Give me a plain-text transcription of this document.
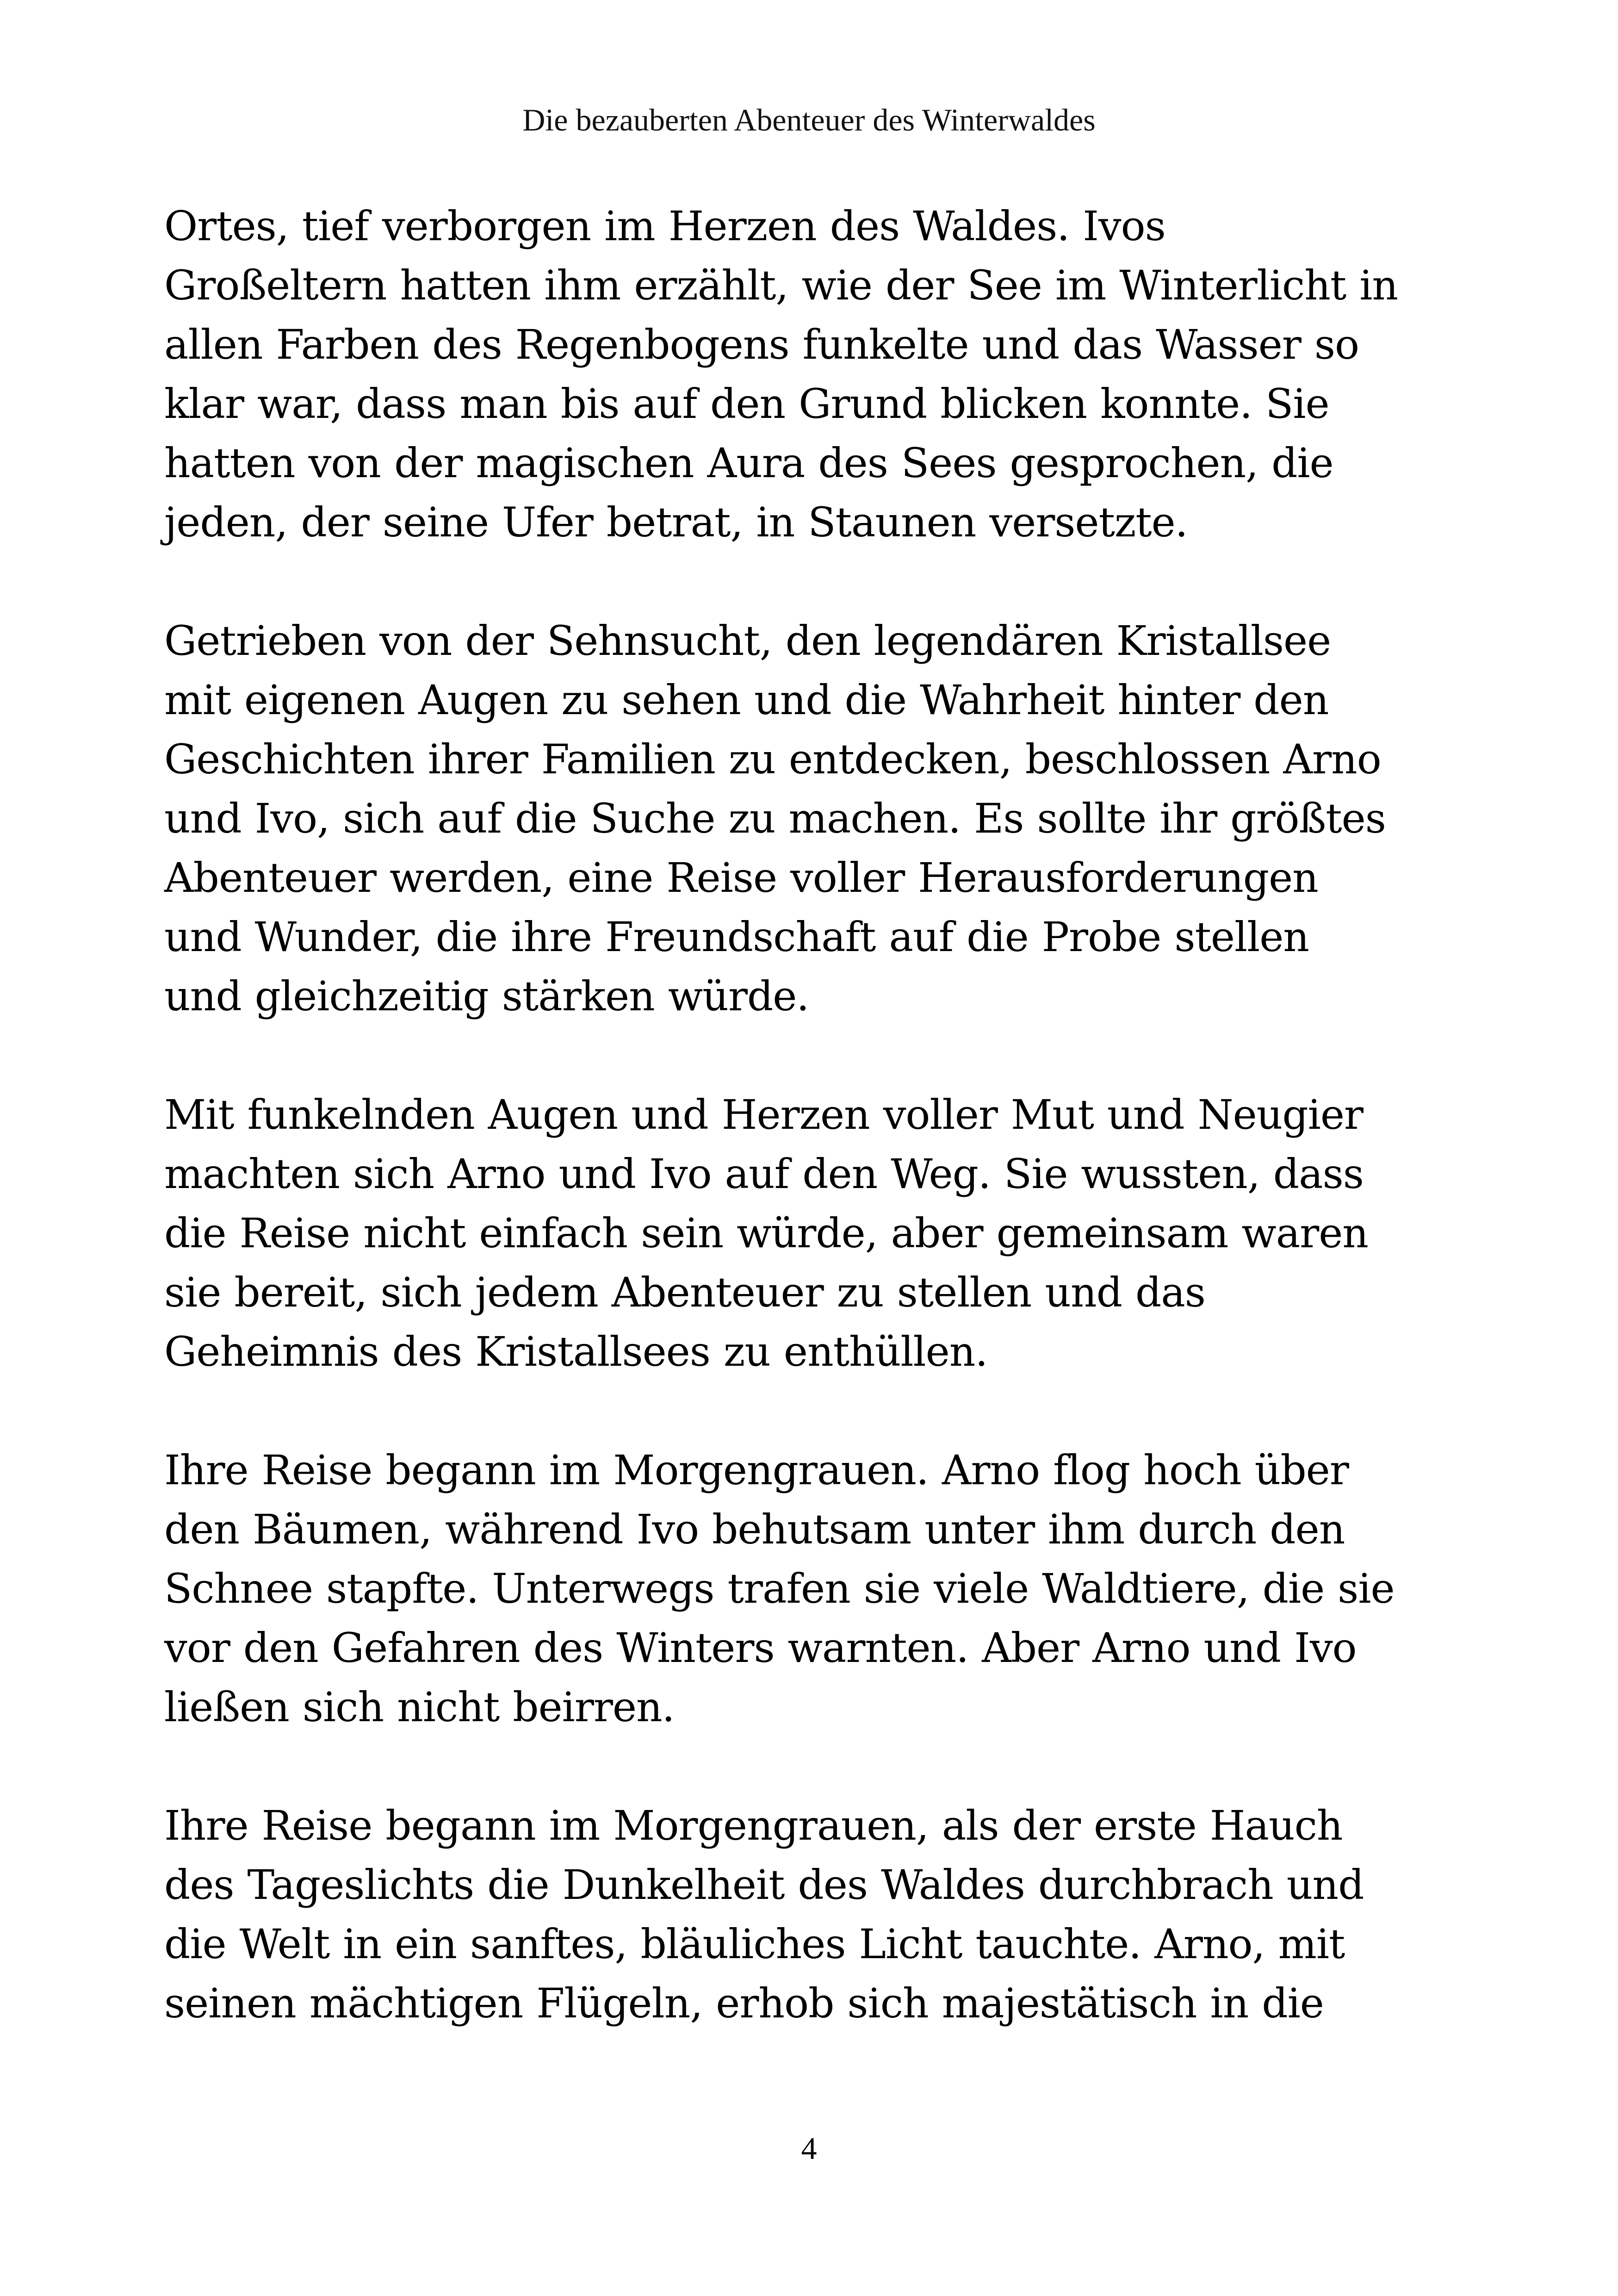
Die bezauberten Abenteuer des Winterwaldes

Ortes, tief verborgen im Herzen des Waldes. Ivos
Großeltern hatten ihm erzählt, wie der See im Winterlicht in
allen Farben des Regenbogens funkelte und das Wasser so
klar war, dass man bis auf den Grund blicken konnte. Sie
hatten von der magischen Aura des Sees gesprochen, die
jeden, der seine Ufer betrat, in Staunen versetzte.

Getrieben von der Sehnsucht, den legendären Kristallsee
mit eigenen Augen zu sehen und die Wahrheit hinter den
Geschichten ihrer Familien zu entdecken, beschlossen Arno
und Ivo, sich auf die Suche zu machen. Es sollte ihr größtes
Abenteuer werden, eine Reise voller Herausforderungen
und Wunder, die ihre Freundschaft auf die Probe stellen
und gleichzeitig stärken würde.

Mit funkelnden Augen und Herzen voller Mut und Neugier
machten sich Arno und Ivo auf den Weg. Sie wussten, dass
die Reise nicht einfach sein würde, aber gemeinsam waren
sie bereit, sich jedem Abenteuer zu stellen und das
Geheimnis des Kristallsees zu enthüllen.

Ihre Reise begann im Morgengrauen. Arno flog hoch über
den Bäumen, während Ivo behutsam unter ihm durch den
Schnee stapfte. Unterwegs trafen sie viele Waldtiere, die sie
vor den Gefahren des Winters warnten. Aber Arno und Ivo
ließen sich nicht beirren.

Ihre Reise begann im Morgengrauen, als der erste Hauch
des Tageslichts die Dunkelheit des Waldes durchbrach und
die Welt in ein sanftes, bläuliches Licht tauchte. Arno, mit
seinen mächtigen Flügeln, erhob sich majestätisch in die

4
